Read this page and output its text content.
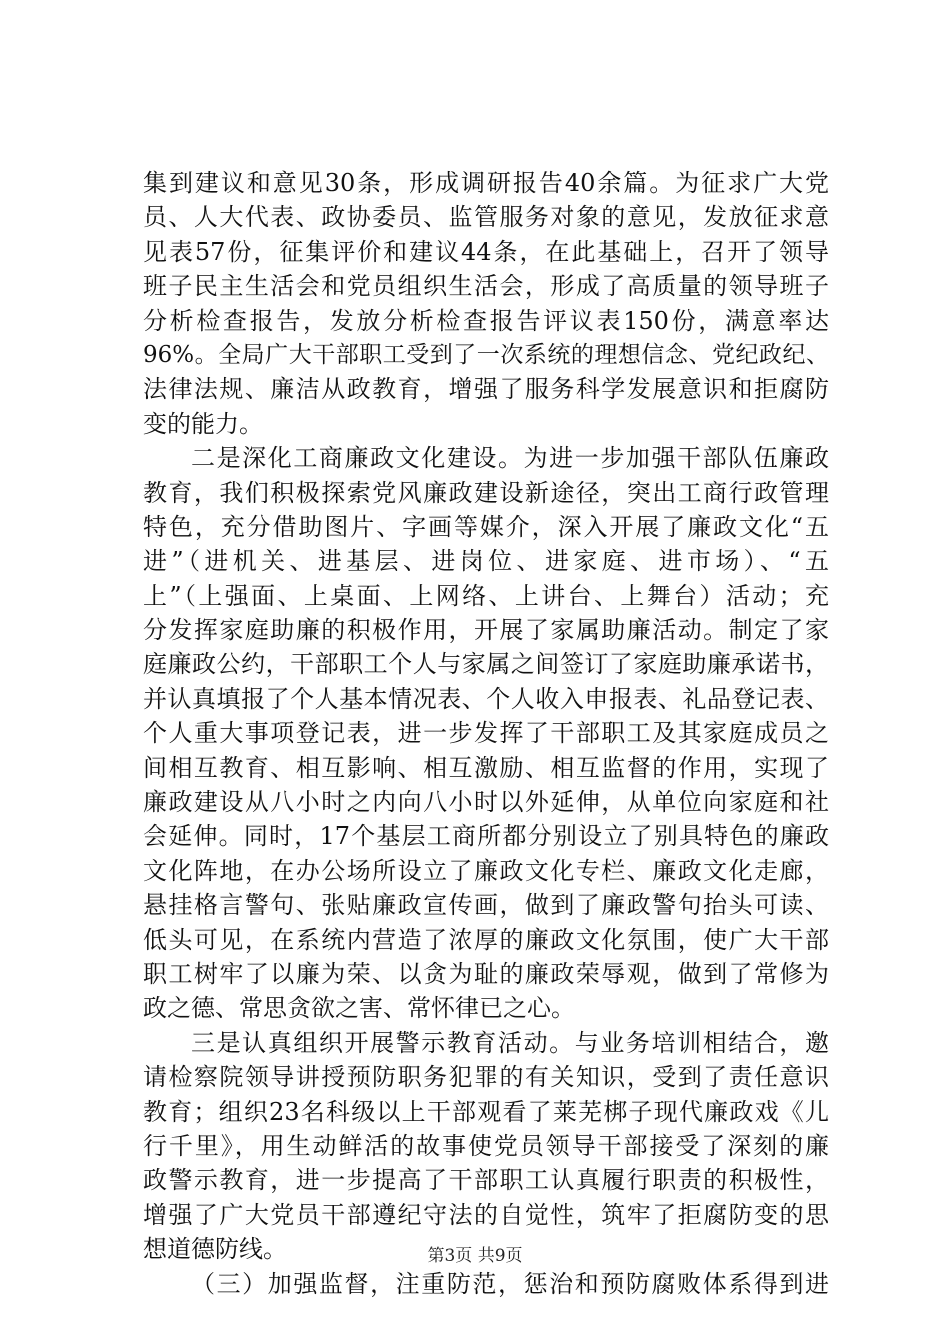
集到建议和意见30条，形成调研报告40余篇。为征求广大党
员、人大代表、政协委员、监管服务对象的意见，发放征求意
见表57份，征集评价和建议44条，在此基础上，召开了领导
班子民主生活会和党员组织生活会，形成了高质量的领导班子
分析检查报告，发放分析检查报告评议表150份，满意率达
96%。全局广大干部职工受到了一次系统的理想信念、党纪政纪、
法律法规、廉洁从政教育，增强了服务科学发展意识和拒腐防
变的能力。
二是深化工商廉政文化建设。为进一步加强干部队伍廉政
教育，我们积极探索党风廉政建设新途径，突出工商行政管理
特色，充分借助图片、字画等媒介，深入开展了廉政文化“五
进”（进机关、进基层、进岗位、进家庭、进市场）、“五
上”（上强面、上桌面、上网络、上讲台、上舞台）活动；充
分发挥家庭助廉的积极作用，开展了家属助廉活动。制定了家
庭廉政公约，干部职工个人与家属之间签订了家庭助廉承诺书，
并认真填报了个人基本情况表、个人收入申报表、礼品登记表、
个人重大事项登记表，进一步发挥了干部职工及其家庭成员之
间相互教育、相互影响、相互激励、相互监督的作用，实现了
廉政建设从八小时之内向八小时以外延伸，从单位向家庭和社
会延伸。同时，17个基层工商所都分别设立了别具特色的廉政
文化阵地，在办公场所设立了廉政文化专栏、廉政文化走廊，
悬挂格言警句、张贴廉政宣传画，做到了廉政警句抬头可读、
低头可见，在系统内营造了浓厚的廉政文化氛围，使广大干部
职工树牢了以廉为荣、以贪为耻的廉政荣辱观，做到了常修为
政之德、常思贪欲之害、常怀律已之心。
三是认真组织开展警示教育活动。与业务培训相结合，邀
请检察院领导讲授预防职务犯罪的有关知识，受到了责任意识
教育；组织23名科级以上干部观看了莱芜梆子现代廉政戏《儿
行千里》，用生动鲜活的故事使党员领导干部接受了深刻的廉
政警示教育，进一步提高了干部职工认真履行职责的积极性，
增强了广大党员干部遵纪守法的自觉性，筑牢了拒腐防变的思
想道德防线。
（三）加强监督，注重防范，惩治和预防腐败体系得到进
第3页 共9页
